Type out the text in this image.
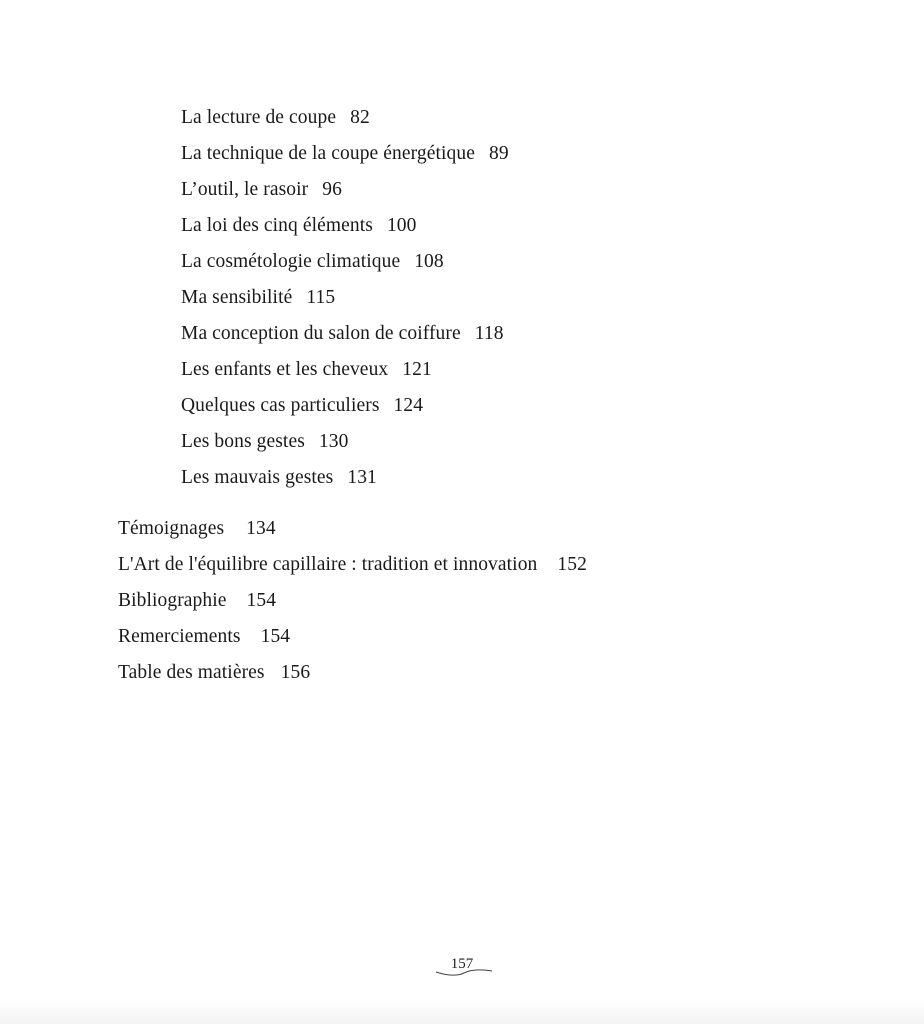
La lecture de coupe 82
La technique de la coupe énergétique 89
L’outil, le rasoir 96
La loi des cinq éléments 100
La cosmétologie climatique 108
Ma sensibilité 115
Ma conception du salon de coiffure 118
Les enfants et les cheveux 121
Quelques cas particuliers 124
Les bons gestes 130
Les mauvais gestes 131
Témoignages 134
L'Art de l'équilibre capillaire : tradition et innovation 152
Bibliographie 154
Remerciements 154
Table des matières 156
157
